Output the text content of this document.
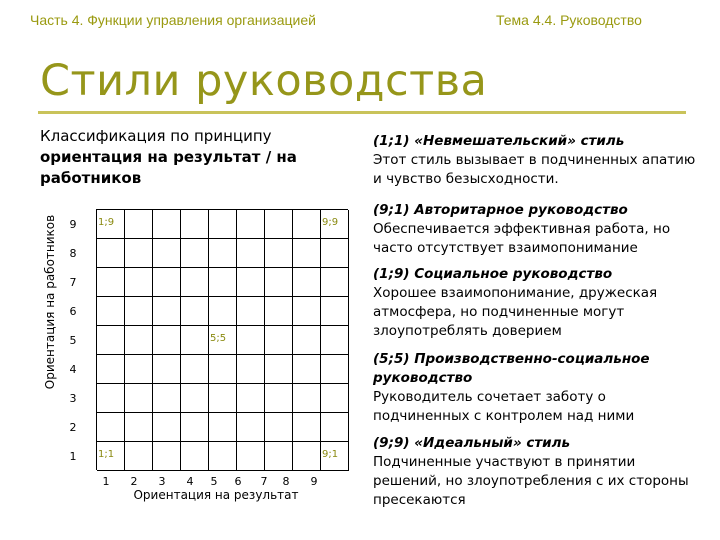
Часть 4. Функции управления организацией	Тема 4.4. Руководство
Стили руководства
Классификация по принципу
ориентация на результат / на работников
Ориентация на работников	9
8
7
6
5
4
3
2
1
1;9	9;9
5;5
1;1	9;1
1	2	3	4	5	6	7	8	9
Ориентация на результат
(1;1) «Невмешательский» стиль
Этот стиль вызывает в подчиненных апатию и чувство безысходности.
(9;1) Авторитарное руководство
Обеспечивается эффективная работа, но часто отсутствует взаимопонимание
(1;9) Социальное руководство
Хорошее взаимопонимание, дружеская атмосфера, но подчиненные могут злоупотреблять доверием
(5;5) Производственно-социальное руководство
Руководитель сочетает заботу о подчиненных с контролем над ними
(9;9) «Идеальный» стиль
Подчиненные участвуют в принятии решений, но злоупотребления с их стороны пресекаются
